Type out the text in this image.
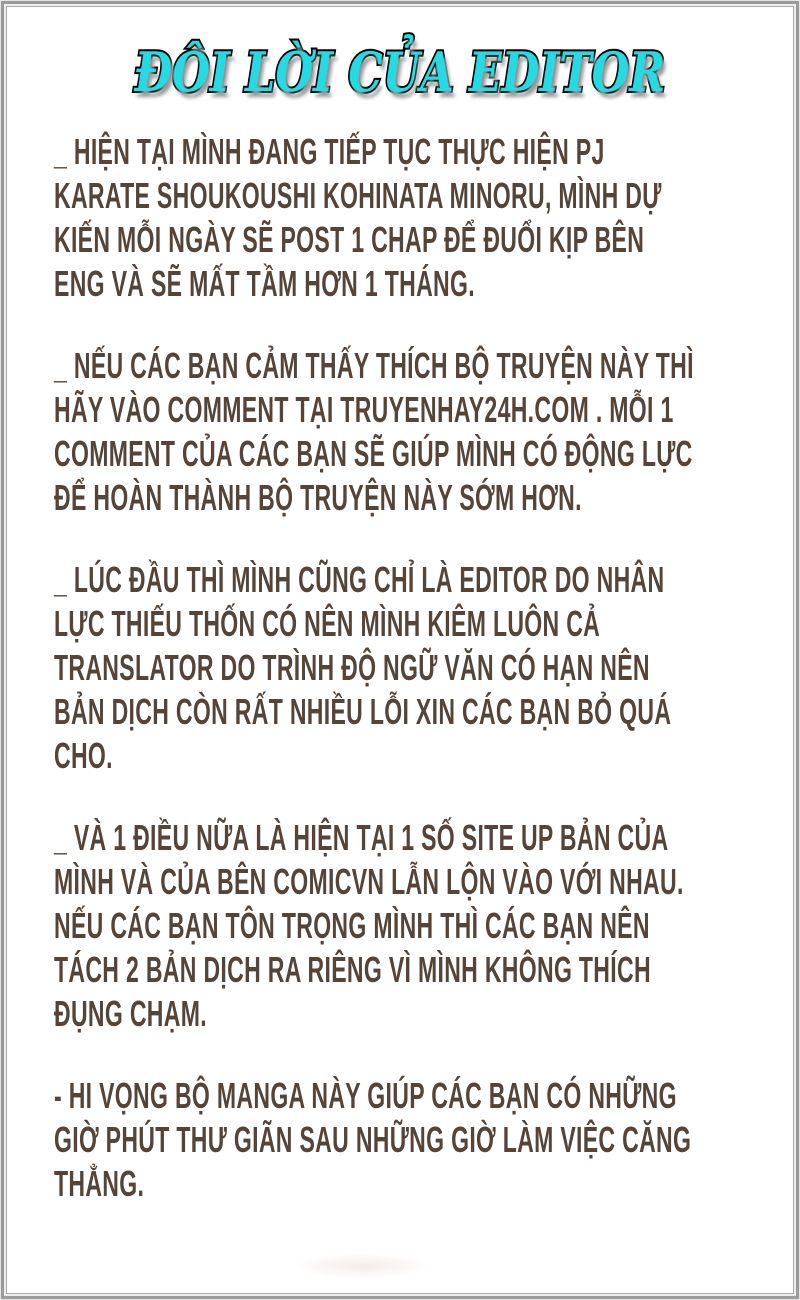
ĐÔI LỜI CỦA EDITOR
_ HIỆN TẠI MÌNH ĐANG TIẾP TỤC THỰC HIỆN PJ
KARATE SHOUKOUSHI KOHINATA MINORU, MÌNH DỰ
KIẾN MỖI NGÀY SẼ POST 1 CHAP ĐỂ ĐUỔI KỊP BÊN
ENG VÀ SẼ MẤT TẦM HƠN 1 THÁNG.
_ NẾU CÁC BẠN CẢM THẤY THÍCH BỘ TRUYỆN NÀY THÌ
HÃY VÀO COMMENT TẠI TRUYENHAY24H.COM . MỖI 1
COMMENT CỦA CÁC BẠN SẼ GIÚP MÌNH CÓ ĐỘNG LỰC
ĐỂ HOÀN THÀNH BỘ TRUYỆN NÀY SỚM HƠN.
_ LÚC ĐẦU THÌ MÌNH CŨNG CHỈ LÀ EDITOR DO NHÂN
LỰC THIẾU THỐN CÓ NÊN MÌNH KIÊM LUÔN CẢ
TRANSLATOR DO TRÌNH ĐỘ NGỮ VĂN CÓ HẠN NÊN
BẢN DỊCH CÒN RẤT NHIỀU LỖI XIN CÁC BẠN BỎ QUÁ
CHO.
_ VÀ 1 ĐIỀU NỮA LÀ HIỆN TẠI 1 SỐ SITE UP BẢN CỦA
MÌNH VÀ CỦA BÊN COMICVN LẪN LỘN VÀO VỚI NHAU.
NẾU CÁC BẠN TÔN TRỌNG MÌNH THÌ CÁC BẠN NÊN
TÁCH 2 BẢN DỊCH RA RIÊNG VÌ MÌNH KHÔNG THÍCH
ĐỤNG CHẠM.
- HI VỌNG BỘ MANGA NÀY GIÚP CÁC BẠN CÓ NHỮNG
GIỜ PHÚT THƯ GIÃN SAU NHỮNG GIỜ LÀM VIỆC CĂNG
THẲNG.
